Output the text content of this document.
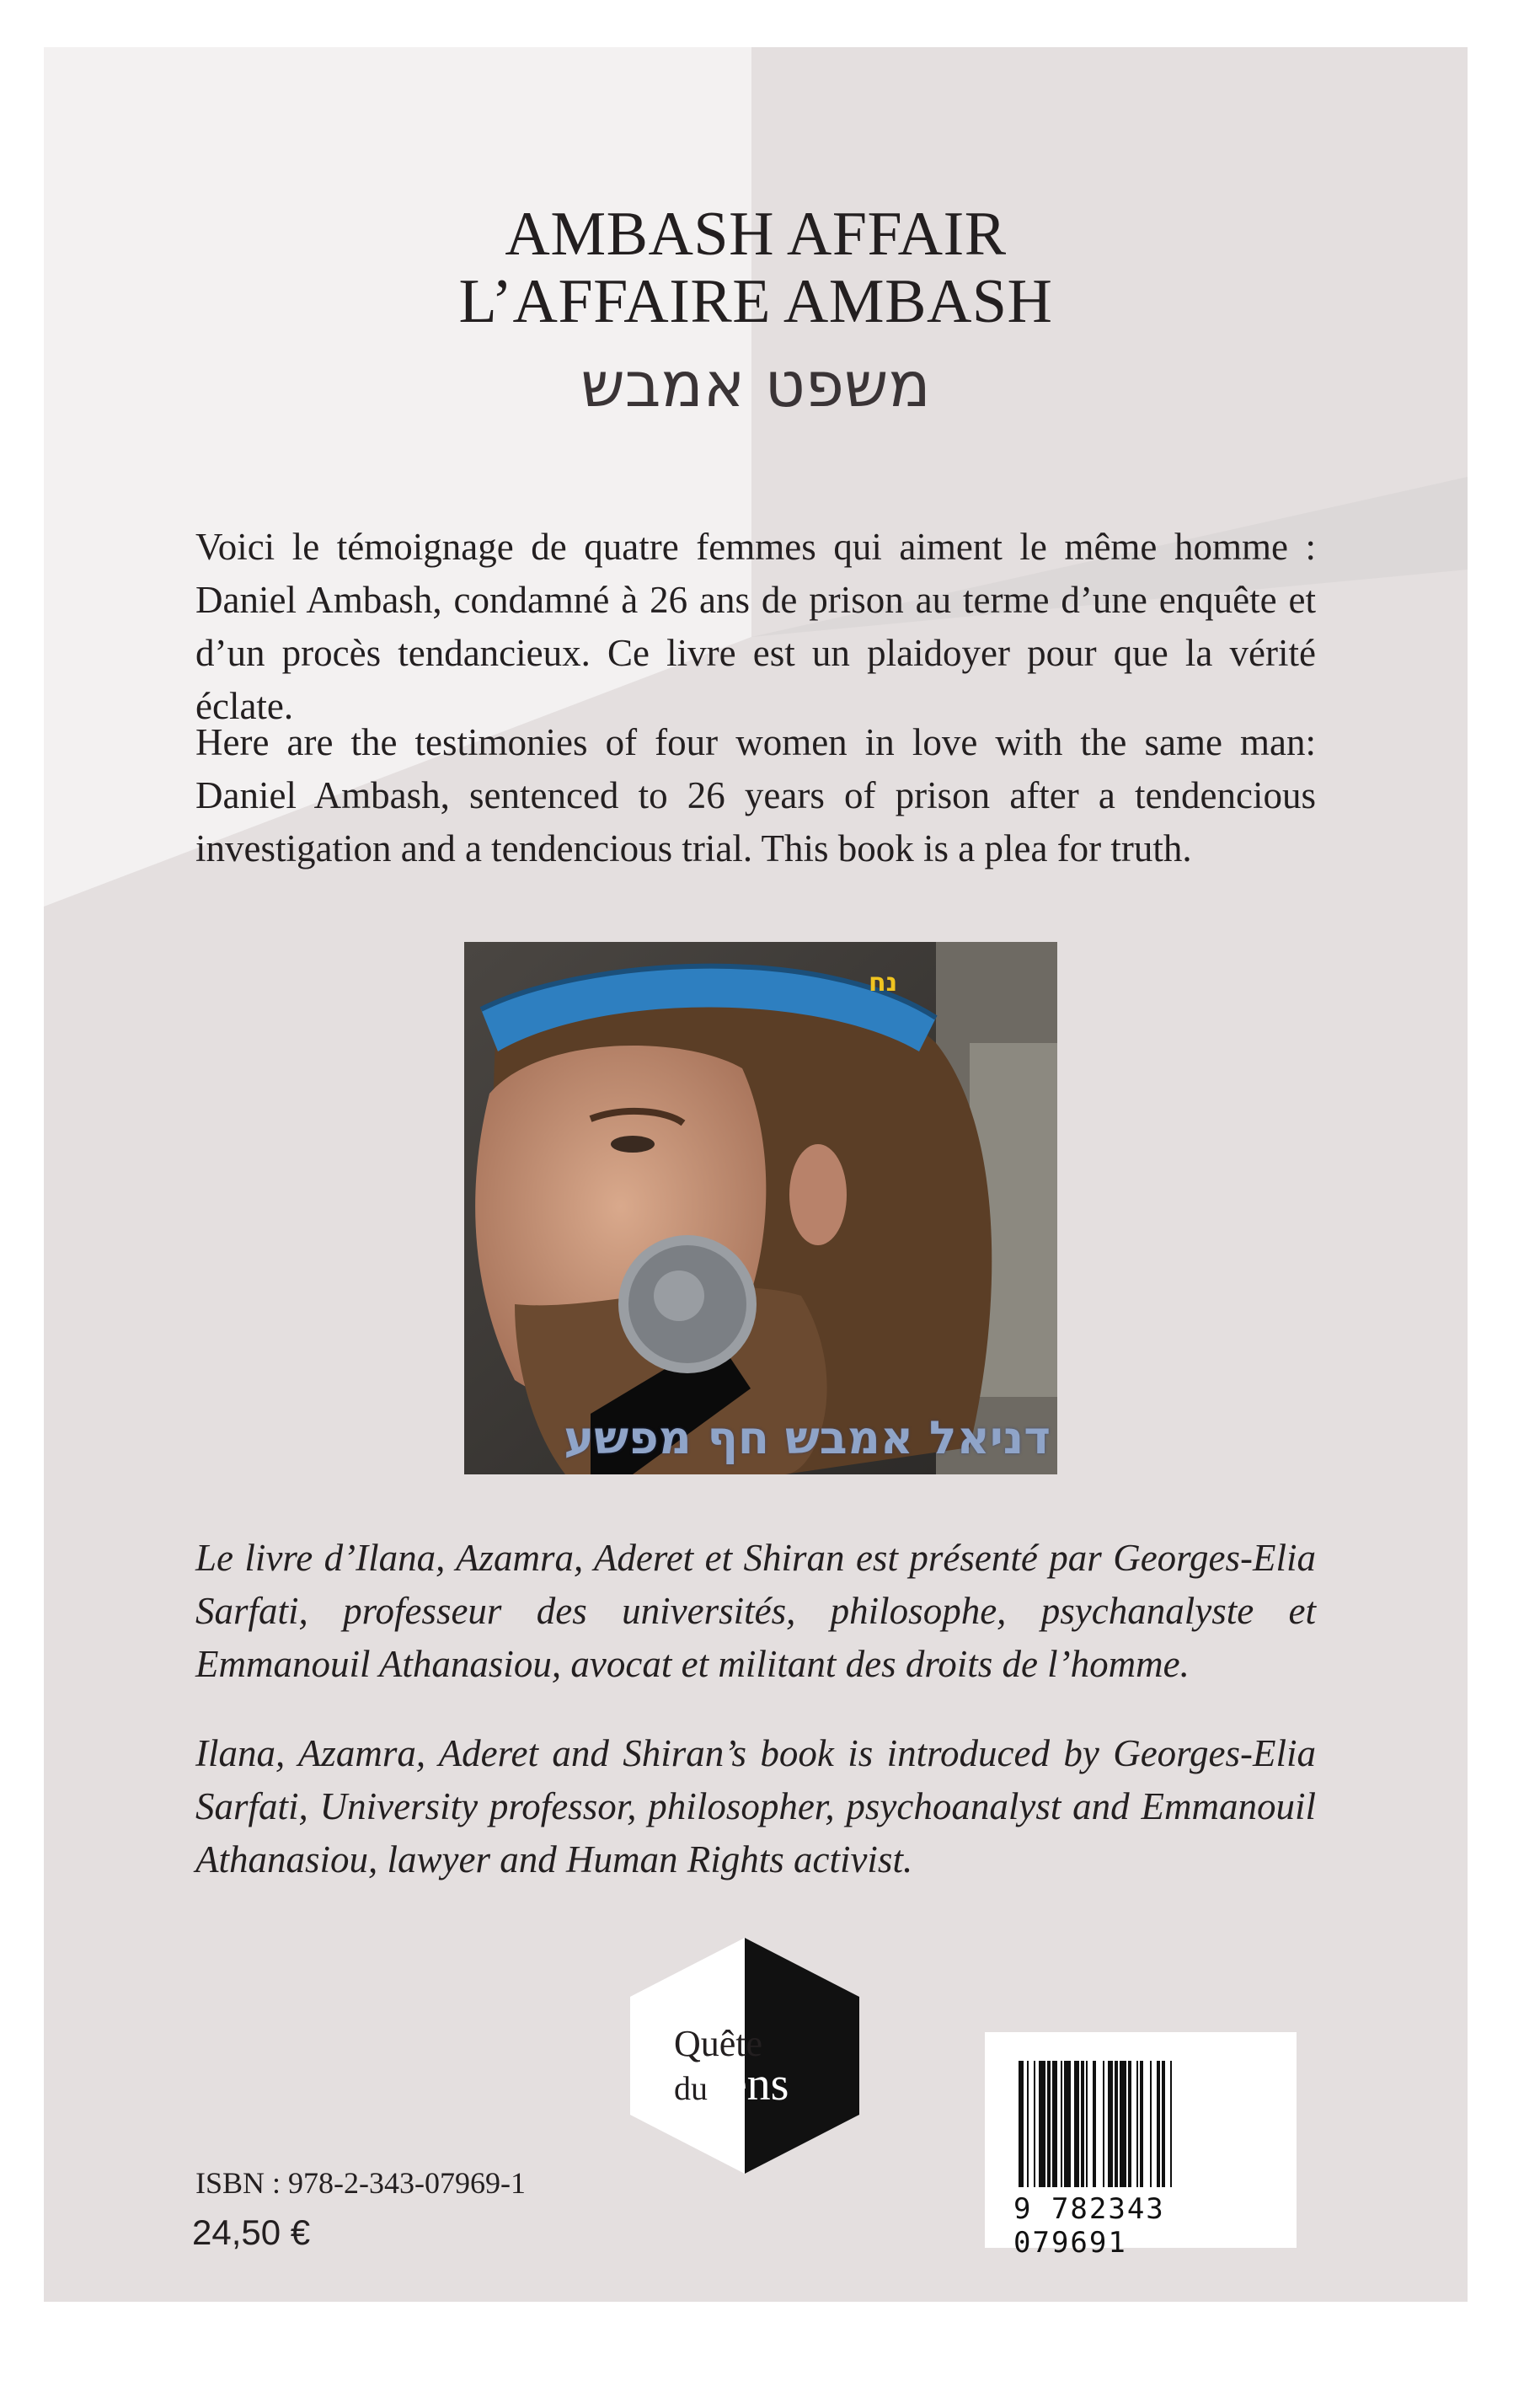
AMBASH AFFAIR
L’AFFAIRE AMBASH
משפט אמבש

Voici le témoignage de quatre femmes qui aiment le même homme : Daniel Ambash, condamné à 26 ans de prison au terme d’une enquête et d’un procès tendancieux. Ce livre est un plaidoyer pour que la vérité éclate.

Here are the testimonies of four women in love with the same man: Daniel Ambash, sentenced to 26 years of prison after a tendencious investigation and a tendencious trial. This book is a plea for truth.

נח
דניאל אמבש חף מפשע

Le livre d’Ilana, Azamra, Aderet et Shiran est présenté par Georges-Elia Sarfati, professeur des universités, philosophe, psychanalyste et Emmanouil Athanasiou, avocat et militant des droits de l’homme.

Ilana, Azamra, Aderet and Shiran’s book is introduced by Georges-Elia Sarfati, University professor, philosopher, psychoanalyst and Emmanouil Athanasiou, lawyer and Human Rights activist.

Quête
dusens
ISBN : 978-2-343-07969-1
24,50 €
9 782343 079691
